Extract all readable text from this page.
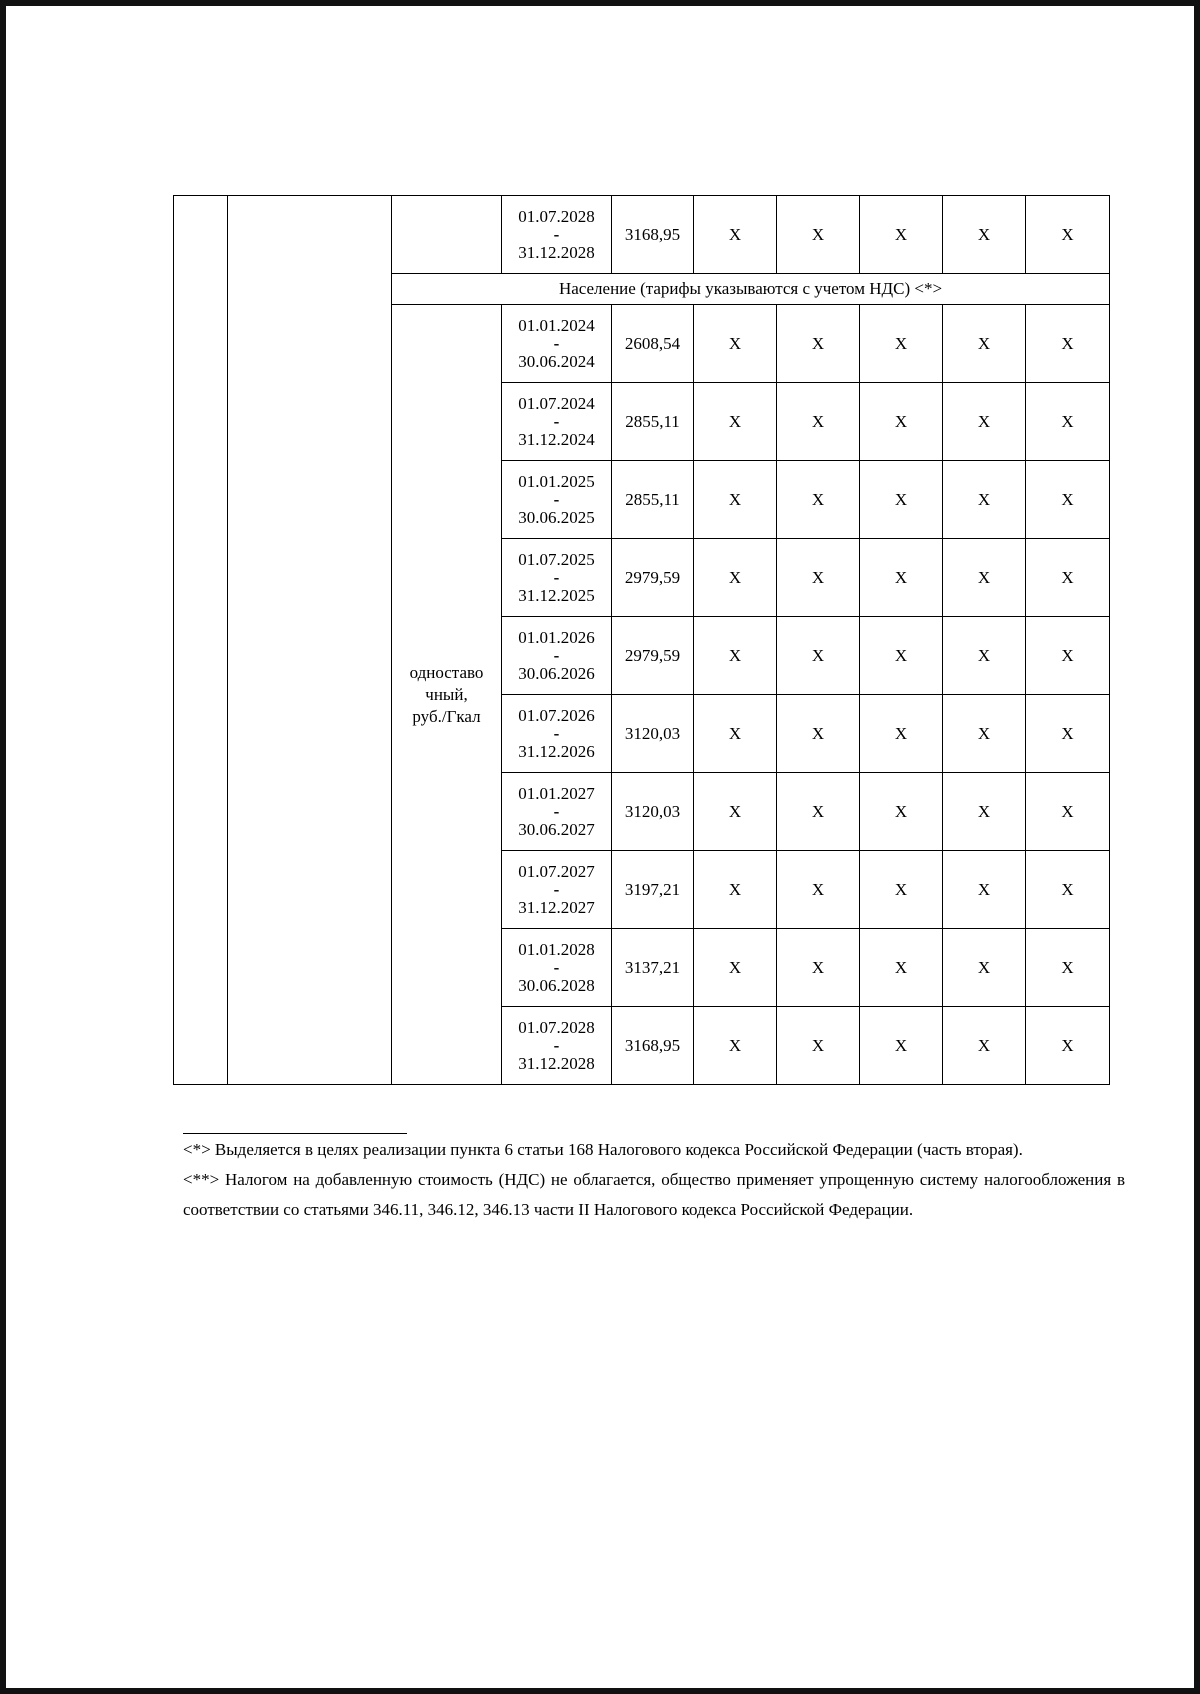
			01.07.2028
-
31.12.2028	3168,95	X	X	X	X	X
		Население (тарифы указываются с учетом НДС) <*>							

		одноставо
чный,
руб./Гкал	01.01.2024
-
30.06.2024	2608,54	X	X	X	X	X

			01.07.2024
-
31.12.2024	2855,11	X	X	X	X	X

			01.01.2025
-
30.06.2025	2855,11	X	X	X	X	X

			01.07.2025
-
31.12.2025	2979,59	X	X	X	X	X

			01.01.2026
-
30.06.2026	2979,59	X	X	X	X	X

			01.07.2026
-
31.12.2026	3120,03	X	X	X	X	X

			01.01.2027
-
30.06.2027	3120,03	X	X	X	X	X

			01.07.2027
-
31.12.2027	3197,21	X	X	X	X	X

			01.01.2028
-
30.06.2028	3137,21	X	X	X	X	X

			01.07.2028
-
31.12.2028	3168,95	X	X	X	X	X

<*> Выделяется в целях реализации пункта 6 статьи 168 Налогового кодекса Российской Федерации (часть вторая).

<**> Налогом на добавленную стоимость (НДС) не облагается, общество применяет упрощенную систему налогообложения в соответствии со статьями 346.11, 346.12, 346.13 части II Налогового кодекса Российской Федерации.
